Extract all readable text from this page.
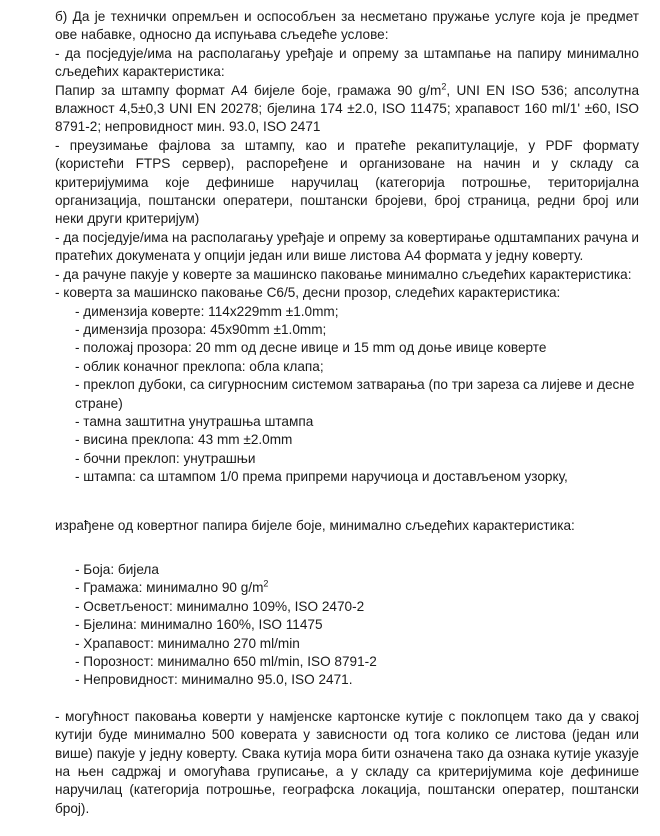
б) Да је технички опремљен и оспособљен за несметано пружање услуге која је предмет ове набавке, односно да испуњава сљедеће услове:

- да посједује/има на располагању уређаје и опрему за штампање на папиру минимално сљедећих карактеристика:

Папир за штампу формат А4 бијеле боје, грамажа 90 $g/m^2$, UNI EN ISO 536; апсолутна влажност 4,5±0,3 UNI EN 20278; бјелина 174 ±2.0, ISO 11475; храпавост 160 ml/1' ±60, ISO 8791-2; непровидност мин. 93.0, ISO 2471

- преузимање фајлова за штампу, као и пратеће рекапитулације, у PDF формату (користећи FTPS сервер), распоређене и организоване на начин и у складу са критеријумима које дефинише наручилац (категорија потрошње, територијална организација, поштански оператери, поштански бројеви, број страница, редни број или неки други критеријум)

- да посједује/има на располагању уређаје и опрему за ковертирање одштампаних рачуна и пратећих докумената у опцији један или више листова А4 формата у једну коверту.

- да рачуне пакује у коверте за машинско паковање минимално сљедећих карактеристика:

- коверта за машинско паковање С6/5, десни прозор, следећих карактеристика:

- димензија коверте: 114x229mm ±1.0mm;

- димензија прозора: 45x90mm ±1.0mm;

- положај прозора: 20 mm од десне ивице и 15 mm од доње ивице коверте

- облик коначног преклопа: обла клапа;

- преклоп дубоки, са сигурносним системом затварања (по три зареза са лијеве и десне стране)

- тамна заштитна унутрашња штампа

- висина преклопа: 43 mm ±2.0mm

- бочни преклоп: унутрашњи

- штампа: са штампом 1/0 према припреми наручиоца и достављеном узорку,

израђене од ковертног папира бијеле боје, минимално сљедећих карактеристика:

- Боја: бијела

- Грамажа: минимално 90 $g/m^2$

- Осветљеност: минимално 109%, ISO 2470-2

- Бјелина: минимално 160%, ISO 11475

- Храпавост: минимално 270 ml/min

- Порозност: минимално 650 ml/min, ISO 8791-2

- Непровидност: минимално 95.0, ISO 2471.

- могућност паковања коверти у намјенске картонске кутије с поклопцем тако да у свакој кутији буде минимално 500 коверата у зависности од тога колико се листова (један или више) пакује у једну коверту. Свака кутија мора бити означена тако да ознака кутије указује на њен садржај и омогућава груписање, а у складу са критеријумима које дефинише наручилац (категорија потрошње, географска локација, поштански оператер, поштански број).
